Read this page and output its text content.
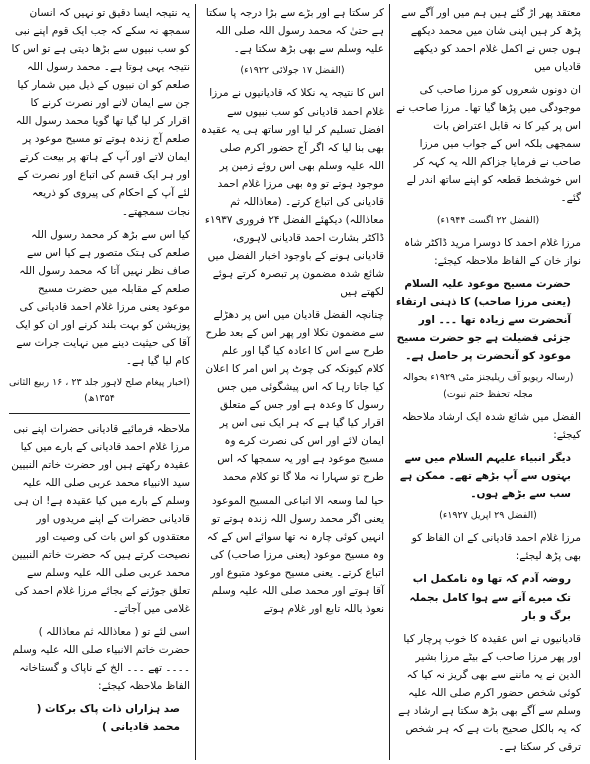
معتقد پھر اڑ گئے ہیں ہم میں اور آگے سے پڑھ کر ہیں اپنی شان میں محمد دیکھے ہوں جس نے اکمل غلام احمد کو دیکھے قادیاں میں

ان دونوں شعروں کو مرزا صاحب کی موجودگی میں پڑھا گیا تھا۔ مرزا صاحب نے اس پر کیر کا نہ قابل اعتراض بات سمجھی بلکہ اس کے جواب میں مرزا صاحب نے فرمایا جزاکم اللہ یہ کہہ کر اس خوشخط قطعہ کو اپنے ساتھ اندر لے گئے۔

(الفضل ۲۲ اگست ۱۹۴۴ء)

مرزا غلام احمد کا دوسرا مرید ڈاکٹر شاہ نواز خان کے الفاظ ملاحظہ کیجئے:

حضرت مسیح موعود علیہ السلام (یعنی مرزا صاحب) کا ذہنی ارتقاء آنحضرت سے زیادہ تھا ۔۔۔ اور جزئی فضیلت ہے جو حضرت مسیح موعود کو آنحضرت پر حاصل ہے۔

(رسالہ ریویو آف ریلیجنز مئی ۱۹۲۹ء بحوالہ مجلہ تحفظ ختم نبوت)

الفضل میں شائع شدہ ایک ارشاد ملاحظہ کیجئے:

دیگر انبیاء علیہم السلام میں سے بہتوں سے آپ بڑھے تھے۔ ممکن ہے سب سے بڑھے ہوں۔

(الفضل ۲۹ اپریل ۱۹۲۷ء)

مرزا غلام احمد قادیانی کے ان الفاظ کو بھی پڑھ لیجئے:

روضہ آدم کہ تھا وہ نامکمل اب تک میرے آنے سے ہوا کامل بجملہ برگ و بار

قادیانیوں نے اس عقیدہ کا خوب پرچار کیا اور پھر مرزا صاحب کے بیٹے مرزا بشیر الدین نے یہ ماننے سے بھی گریز نہ کیا کہ کوئی شخص حضور اکرم صلی اللہ علیہ وسلم سے آگے بھی بڑھ سکتا ہے ارشاد ہے کہ یہ بالکل صحیح بات ہے کہ ہر شخص ترقی کر سکتا ہے۔

کر سکتا ہے اور بڑے سے بڑا درجہ پا سکتا ہے حتیٰ کہ محمد رسول اللہ صلی اللہ علیہ وسلم سے بھی بڑھ سکتا ہے۔

(الفضل ۱۷ جولائی ۱۹۲۲ء)

اس کا نتیجہ یہ نکلا کہ قادیانیوں نے مرزا غلام احمد قادیانی کو سب نبیوں سے افضل تسلیم کر لیا اور ساتھ ہی یہ عقیدہ بھی بنا لیا کہ اگر آج حضور اکرم صلی اللہ علیہ وسلم بھی اس روئے زمین پر موجود ہوتے تو وہ بھی مرزا غلام احمد قادیانی کی اتباع کرتے۔ (معاذاللہ ثم معاذاللہ) دیکھئے الفضل ۲۴ فروری ۱۹۳۷ء ڈاکٹر بشارت احمد قادیانی لاہوری، قادیانی ہونے کے باوجود اخبار الفضل میں شائع شدہ مضمون پر تبصرہ کرتے ہوئے لکھتے ہیں

چنانچہ الفضل قادیان میں اس پر دھڑلے سے مضمون نکلا اور پھر اس کے بعد طرح طرح سے اس کا اعادہ کیا گیا اور علم کلام کیونکہ کی چوٹ پر اس امر کا اعلان کیا جاتا رہا کہ اس پیشگوئی میں جس رسول کا وعدہ ہے اور جس کے متعلق اقرار کیا گیا ہے کہ ہر ایک نبی اس پر ایمان لائے اور اس کی نصرت کرے وہ مسیح موعود ہے اور یہ سمجھا کہ اس طرح تو سہارا نہ ملا گا تو کلام محمد

حیا لما وسعہ الا اتباعی المسیح الموعود یعنی اگر محمد رسول اللہ زندہ ہوتے تو انہیں کوئی چارہ نہ تھا سوائے اس کے کہ وہ مسیح موعود (یعنی مرزا صاحب) کی اتباع کرتے۔ یعنی مسیح موعود متبوع اور آقا ہوتے اور محمد صلی اللہ علیہ وسلم نعوذ باللہ تابع اور غلام ہوتے

یہ نتیجہ ایسا دقیق تو نہیں کہ انسان سمجھ نہ سکے کہ جب ایک قوم اپنے نبی کو سب نبیوں سے بڑھا دیتی ہے تو اس کا نتیجہ یہی ہوتا ہے۔ محمد رسول اللہ صلعم کو ان نبیوں کے ذیل میں شمار کیا جن سے ایمان لانے اور نصرت کرنے کا اقرار کر لیا گیا تھا گویا محمد رسول اللہ صلعم آج زندہ ہوتے تو مسیح موعود پر ایمان لاتے اور آپ کے ہاتھ پر بیعت کرتے اور ہر ایک قسم کی اتباع اور نصرت کے لئے آپ کے احکام کی پیروی کو ذریعہ نجات سمجھتے۔

کیا اس سے بڑھ کر محمد رسول اللہ صلعم کی ہتک متصور ہے کیا اس سے صاف نظر نہیں آتا کہ محمد رسول اللہ صلعم کے مقابلہ میں حضرت مسیح موعود یعنی مرزا غلام احمد قادیانی کی پوزیشن کو بہت بلند کرنے اور ان کو ایک آقا کی حیثیت دینے میں نہایت جرات سے کام لیا گیا ہے۔

(اخبار پیغام صلح لاہور جلد ۲۳ ، ۱۶ ربیع الثانی ۱۳۵۴ھ)

ملاحظہ فرمائیے قادیانی حضرات اپنے نبی مرزا غلام احمد قادیانی کے بارے میں کیا عقیدہ رکھتے ہیں اور حضرت خاتم النبیین سید الانبیاء محمد عربی صلی اللہ علیہ وسلم کے بارے میں کیا عقیدہ ہے! ان ہی قادیانی حضرات کے اپنے مریدوں اور معتقدوں کو اس بات کی وصیت اور نصیحت کرتے ہیں کہ حضرت خاتم النبیین محمد عربی صلی اللہ علیہ وسلم سے تعلق جوڑنے کے بجائے مرزا غلام احمد کی غلامی میں آجاتے۔

اسی لئے تو ( معاذاللہ ثم معاذاللہ ) حضرت خاتم الانبیاء صلی اللہ علیہ وسلم ۔۔۔۔ تھے ۔۔۔ الخ کے ناپاک و گستاخانہ الفاظ ملاحظہ کیجئے:

صد ہزاراں ذات پاک برکات ( محمد قادیانی )
